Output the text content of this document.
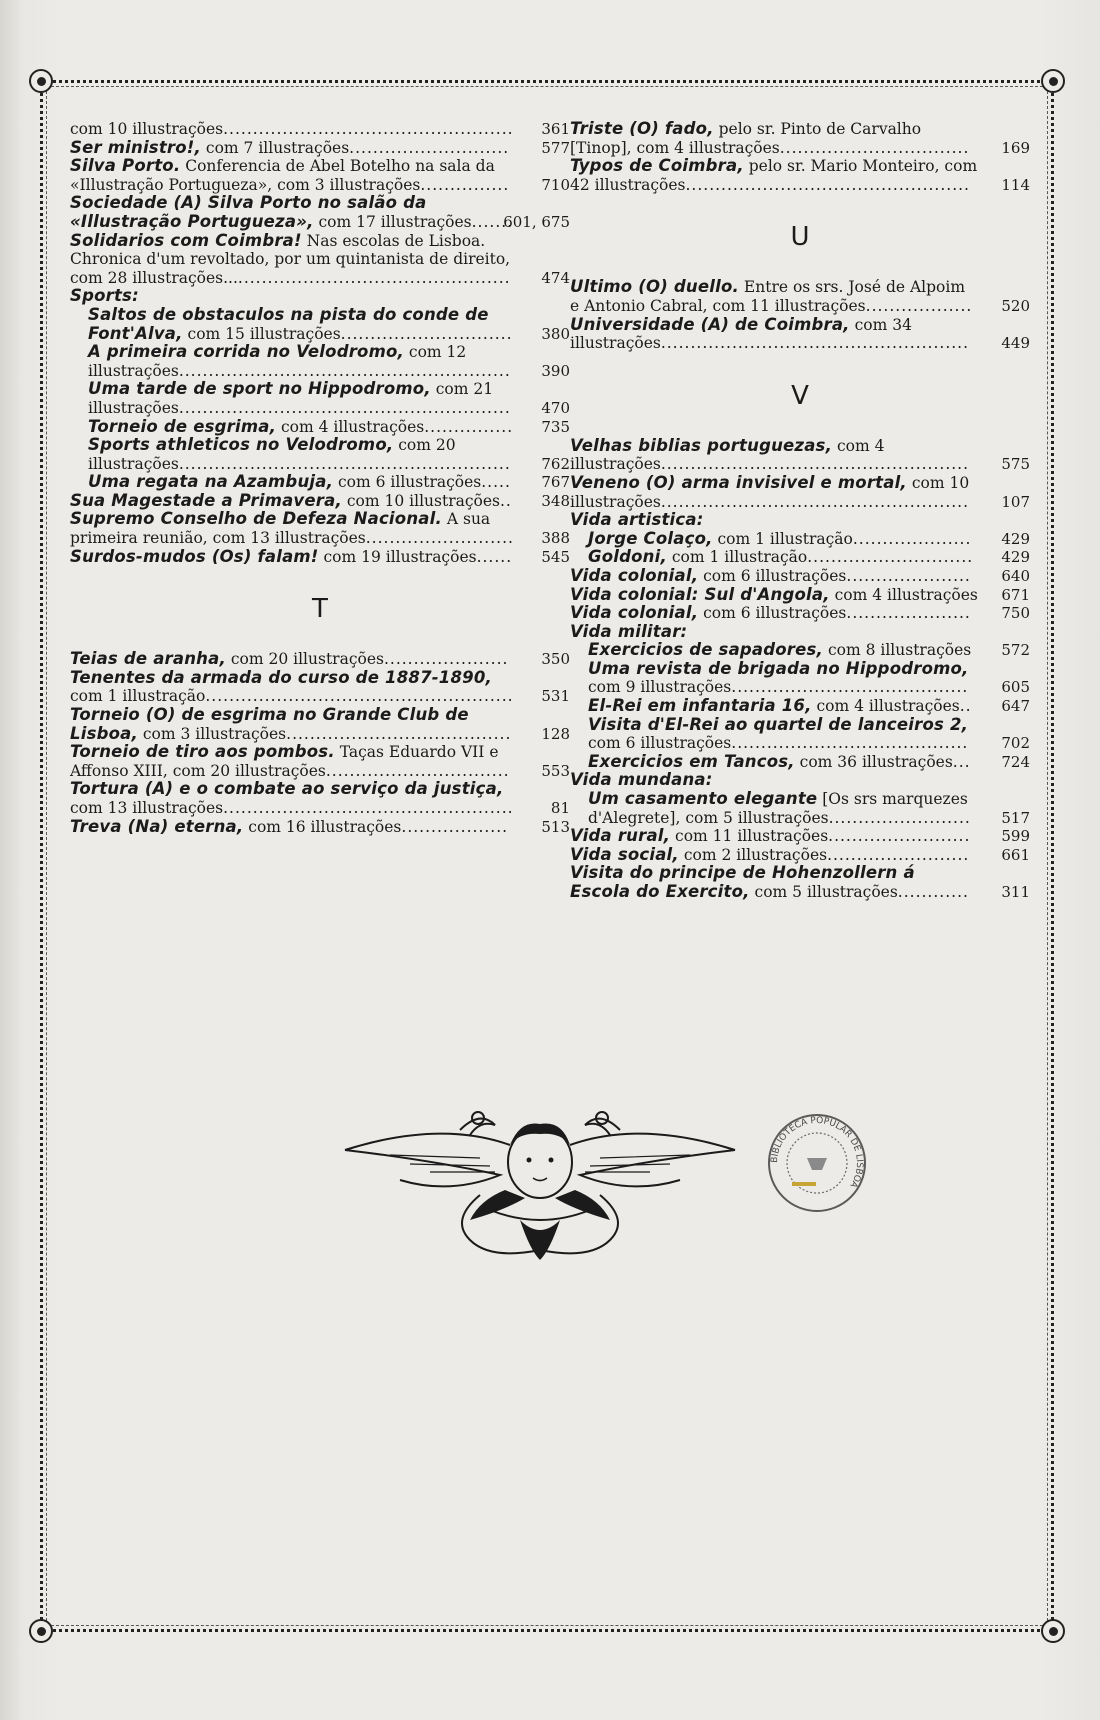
com 10 illustrações................................................. 361
Ser ministro!, com 7 illustrações........................... 577
Silva Porto. Conferencia de Abel Botelho na sala da «Illustração Portugueza», com 3 illustrações............... 710
Sociedade (A) Silva Porto no salão da «Illustração Portugueza», com 17 illustrações.......
601, 675
Solidarios com Coimbra! Nas escolas de Lisboa. Chronica d'um revoltado, por um quintanista de direito, com 28 illustrações................................................. 474
Sports:
Saltos de obstaculos na pista do conde de Font'Alva, com 15 illustrações............................. 380
A primeira corrida no Velodromo, com 12 illustrações........................................................ 390
Uma tarde de sport no Hippodromo, com 21 illustrações........................................................ 470
Torneio de esgrima, com 4 illustrações............... 735
Sports athleticos no Velodromo, com 20 illustrações........................................................ 762
Uma regata na Azambuja, com 6 illustrações..... 767
Sua Magestade a Primavera, com 10 illustrações.. 348
Supremo Conselho de Defeza Nacional. A sua primeira reunião, com 13 illustrações......................... 388
Surdos-mudos (Os) falam! com 19 illustrações...... 545
T
Teias de aranha, com 20 illustrações..................... 350
Tenentes da armada do curso de 1887-1890, com 1 illustração.................................................... 531
Torneio (O) de esgrima no Grande Club de Lisboa, com 3 illustrações...................................... 128
Torneio de tiro aos pombos. Taças Eduardo VII e Affonso XIII, com 20 illustrações............................... 553
Tortura (A) e o combate ao serviço da justiça, com 13 illustrações................................................. 81
Treva (Na) eterna, com 16 illustrações.................. 513
Triste (O) fado, pelo sr. Pinto de Carvalho [Tinop], com 4 illustrações................................ 169
Typos de Coimbra, pelo sr. Mario Monteiro, com 42 illustrações................................................ 114
U
Ultimo (O) duello. Entre os srs. José de Alpoim e Antonio Cabral, com 11 illustrações.................. 520
Universidade (A) de Coimbra, com 34 illustrações.................................................... 449
V
Velhas biblias portuguezas, com 4 illustrações.................................................... 575
Veneno (O) arma invisivel e mortal, com 10 illustrações.................................................... 107
Vida artistica:
Jorge Colaço, com 1 illustração.................... 429
Goldoni, com 1 illustração............................ 429
Vida colonial, com 6 illustrações..................... 640
Vida colonial: Sul d'Angola, com 4 illustrações 671
Vida colonial, com 6 illustrações..................... 750
Vida militar:
Exercicios de sapadores, com 8 illustrações 572
Uma revista de brigada no Hippodromo, com 9 illustrações........................................ 605
El-Rei em infantaria 16, com 4 illustrações.. 647
Visita d'El-Rei ao quartel de lanceiros 2, com 6 illustrações........................................ 702
Exercicios em Tancos, com 36 illustrações... 724
Vida mundana:
Um casamento elegante [Os srs marquezes d'Alegrete], com 5 illustrações........................ 517
Vida rural, com 11 illustrações........................ 599
Vida social, com 2 illustrações........................ 661
Visita do principe de Hohenzollern á Escola do Exercito, com 5 illustrações............ 311
BIBLIOTECA POPULAR DE LISBOA
